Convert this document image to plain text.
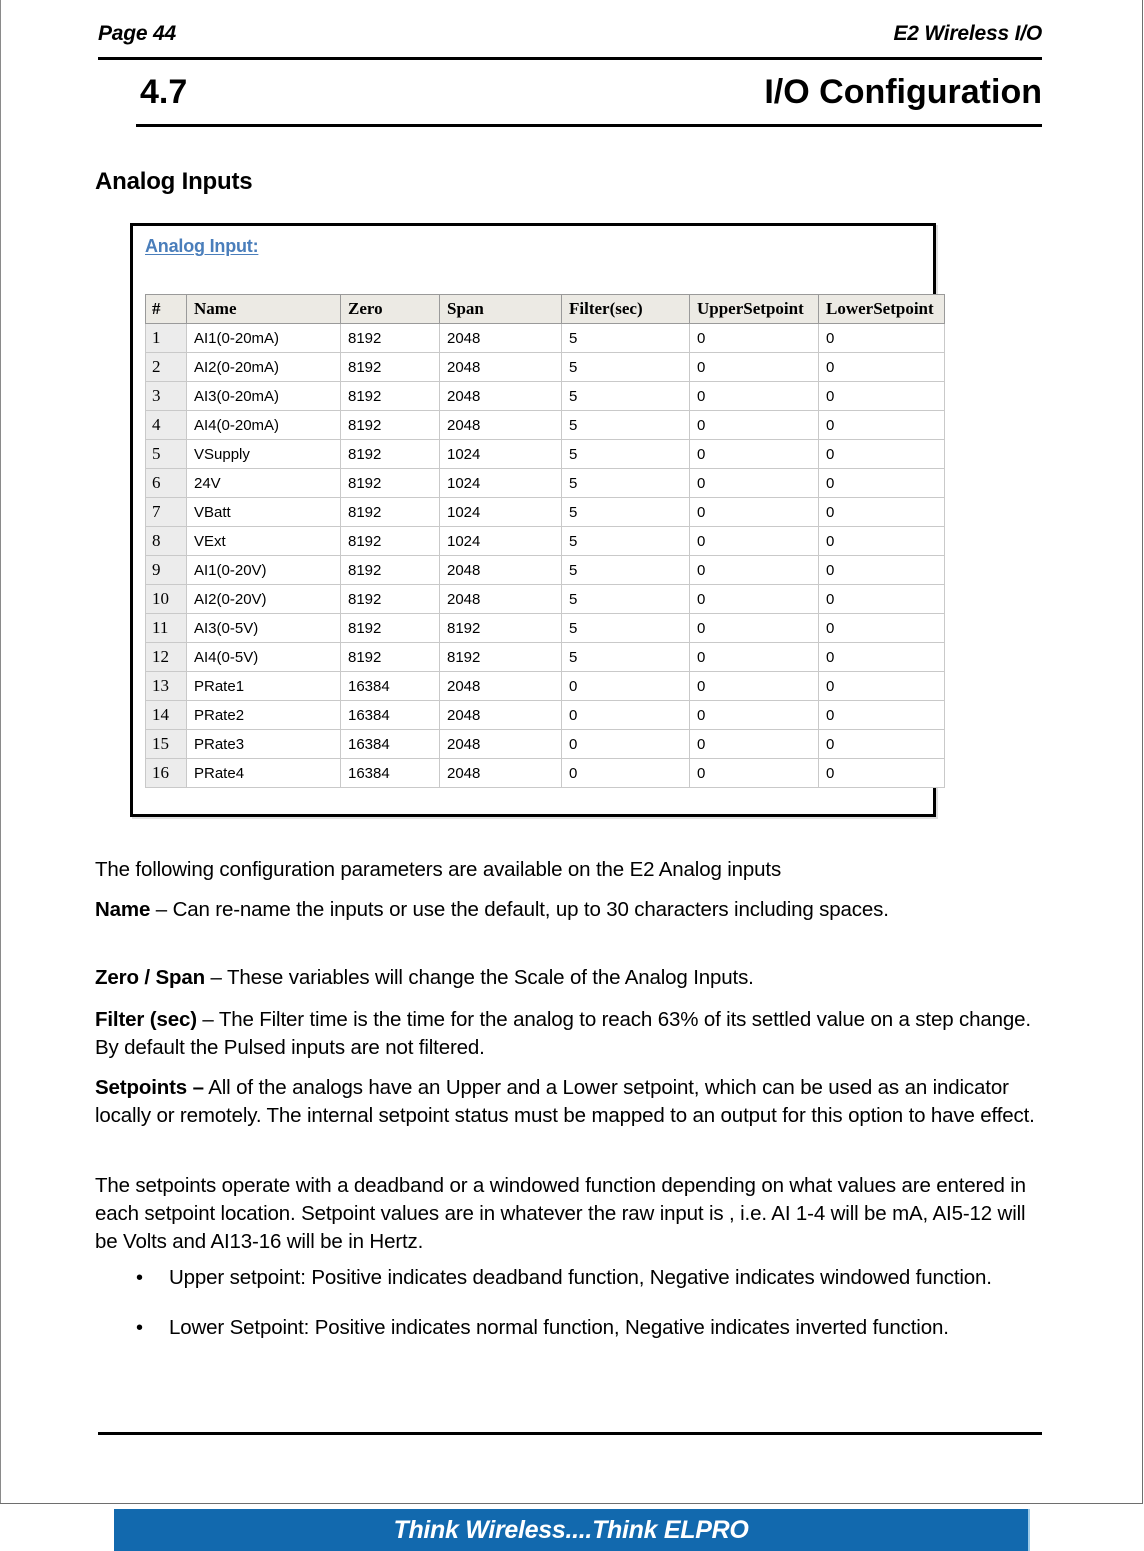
Page 44	E2 Wireless I/O
4.7	I/O Configuration
Analog Inputs
Analog Input:
#	Name	Zero	Span	Filter(sec)	UpperSetpoint	LowerSetpoint
1	AI1(0-20mA)	8192	2048	5	0	0
2	AI2(0-20mA)	8192	2048	5	0	0
3	AI3(0-20mA)	8192	2048	5	0	0
4	AI4(0-20mA)	8192	2048	5	0	0
5	VSupply	8192	1024	5	0	0
6	24V	8192	1024	5	0	0
7	VBatt	8192	1024	5	0	0
8	VExt	8192	1024	5	0	0
9	AI1(0-20V)	8192	2048	5	0	0
10	AI2(0-20V)	8192	2048	5	0	0
11	AI3(0-5V)	8192	8192	5	0	0
12	AI4(0-5V)	8192	8192	5	0	0
13	PRate1	16384	2048	0	0	0
14	PRate2	16384	2048	0	0	0
15	PRate3	16384	2048	0	0	0
16	PRate4	16384	2048	0	0	0
The following configuration parameters are available on the E2 Analog inputs
Name – Can re-name the inputs or use the default, up to 30 characters including spaces.
Zero / Span – These variables will change the Scale of the Analog Inputs.
Filter (sec) – The Filter time is the time for the analog to reach 63% of its settled value on a step change. By default the Pulsed inputs are not filtered.
Setpoints – All of the analogs have an Upper and a Lower setpoint, which can be used as an indicator locally or remotely. The internal setpoint status must be mapped to an output for this option to have effect.
The setpoints operate with a deadband or a windowed function depending on what values are entered in each setpoint location. Setpoint values are in whatever the raw input is , i.e. AI 1-4 will be mA, AI5-12 will be Volts and AI13-16 will be in Hertz.
• Upper setpoint: Positive indicates deadband function, Negative indicates windowed function.
• Lower Setpoint: Positive indicates normal function, Negative indicates inverted function.
Think Wireless....Think ELPRO
